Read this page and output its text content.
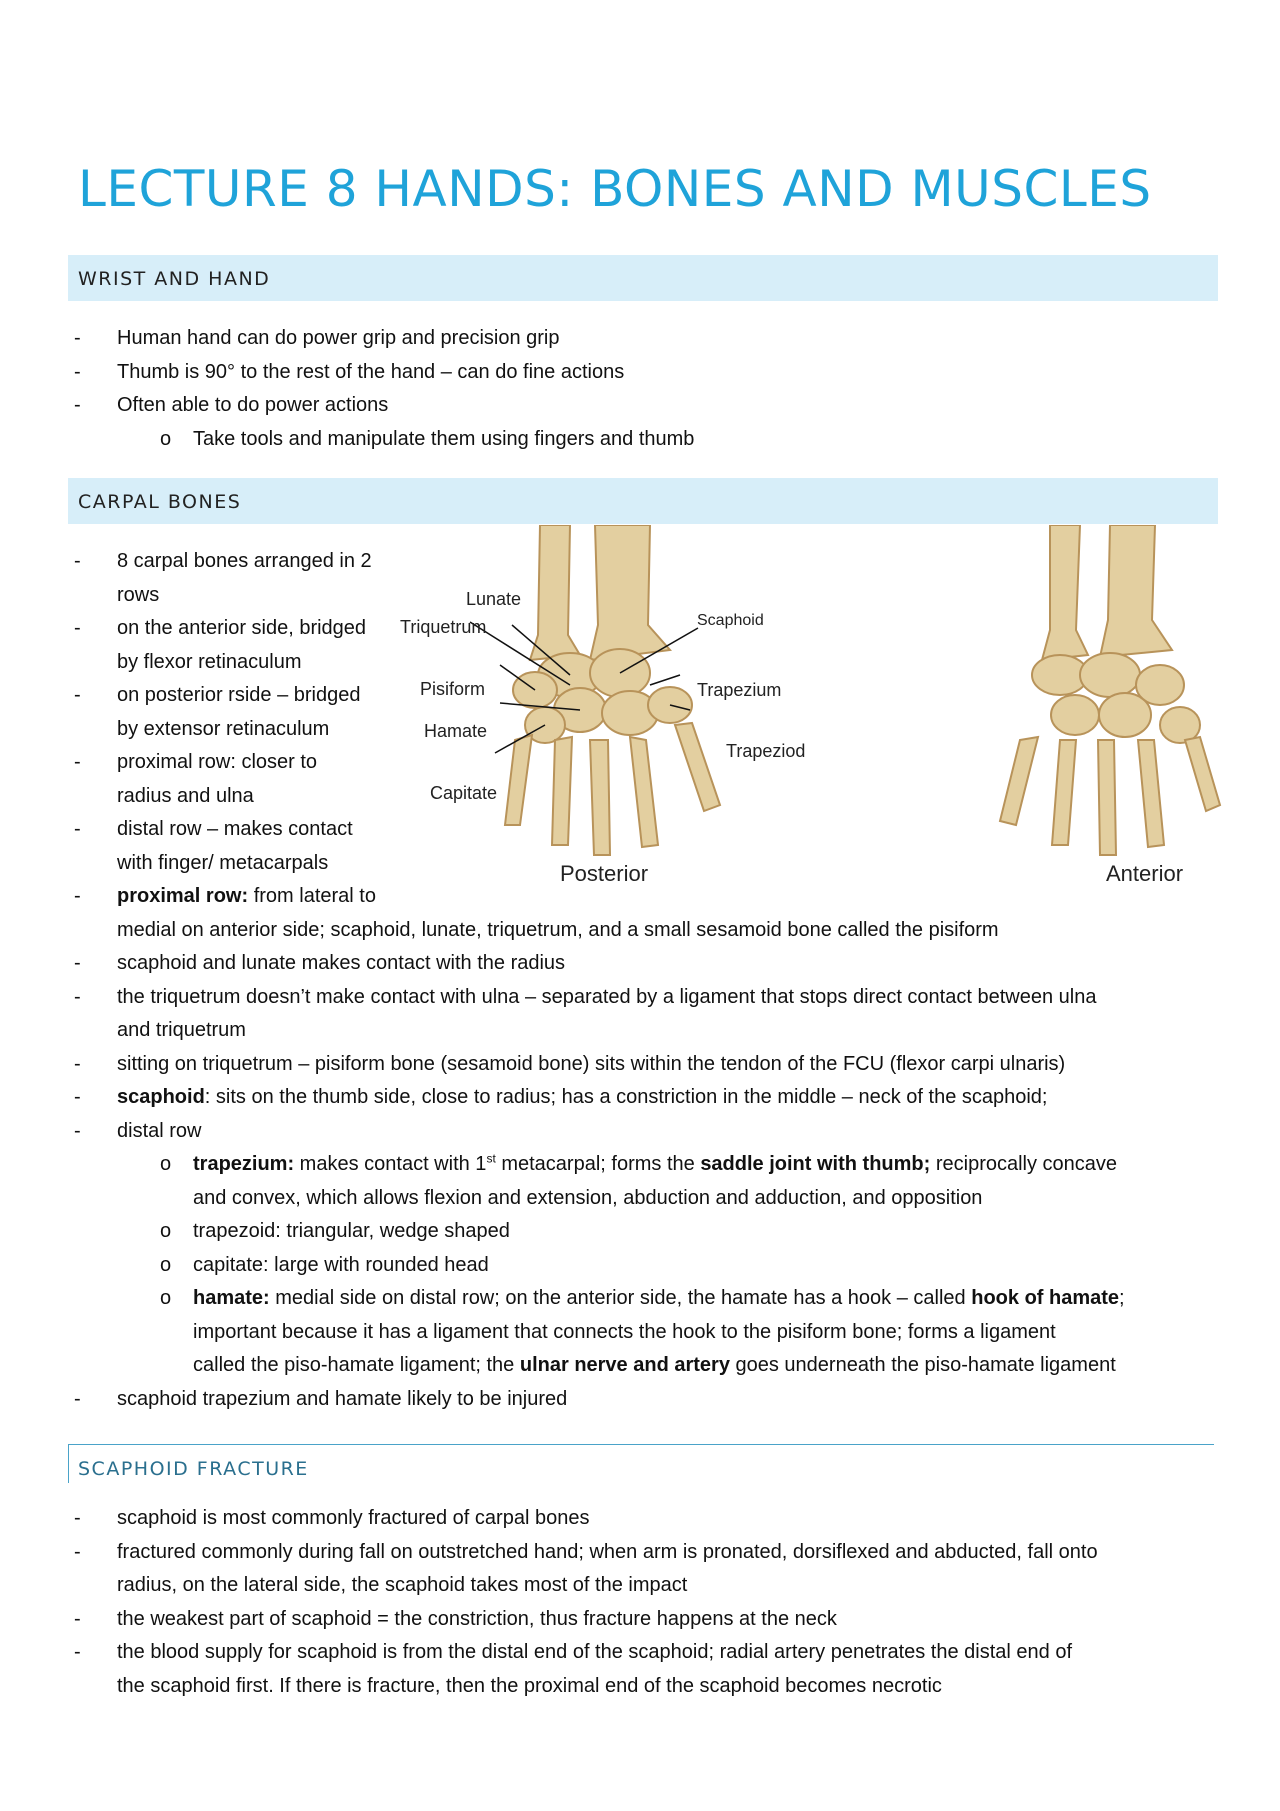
LECTURE 8 HANDS: BONES AND MUSCLES
WRIST AND HAND
- Human hand can do power grip and precision grip
- Thumb is 90° to the rest of the hand – can do fine actions
- Often able to do power actions
o Take tools and manipulate them using fingers and thumb
CARPAL BONES
- 8 carpal bones arranged in 2
rows
- on the anterior side, bridged
by flexor retinaculum
- on posterior rside – bridged
by extensor retinaculum
- proximal row: closer to
radius and ulna
- distal row – makes contact
with finger/ metacarpals
- proximal row: from lateral to
medial on anterior side; scaphoid, lunate, triquetrum, and a small sesamoid bone called the pisiform
- scaphoid and lunate makes contact with the radius
- the triquetrum doesn’t make contact with ulna – separated by a ligament that stops direct contact between ulna
and triquetrum
- sitting on triquetrum – pisiform bone (sesamoid bone) sits within the tendon of the FCU (flexor carpi ulnaris)
- scaphoid: sits on the thumb side, close to radius; has a constriction in the middle – neck of the scaphoid;
- distal row
o trapezium: makes contact with 1st metacarpal; forms the saddle joint with thumb; reciprocally concave
and convex, which allows flexion and extension, abduction and adduction, and opposition
o trapezoid: triangular, wedge shaped
o capitate: large with rounded head
o hamate: medial side on distal row; on the anterior side, the hamate has a hook – called hook of hamate;
important because it has a ligament that connects the hook to the pisiform bone; forms a ligament
called the piso-hamate ligament; the ulnar nerve and artery goes underneath the piso-hamate ligament
- scaphoid trapezium and hamate likely to be injured
Lunate
Triquetrum
Pisiform
Hamate
Capitate
Scaphoid
Trapezium
Trapeziod
Posterior	Anterior
SCAPHOID FRACTURE
- scaphoid is most commonly fractured of carpal bones
- fractured commonly during fall on outstretched hand; when arm is pronated, dorsiflexed and abducted, fall onto
radius, on the lateral side, the scaphoid takes most of the impact
- the weakest part of scaphoid = the constriction, thus fracture happens at the neck
- the blood supply for scaphoid is from the distal end of the scaphoid; radial artery penetrates the distal end of
the scaphoid first. If there is fracture, then the proximal end of the scaphoid becomes necrotic
